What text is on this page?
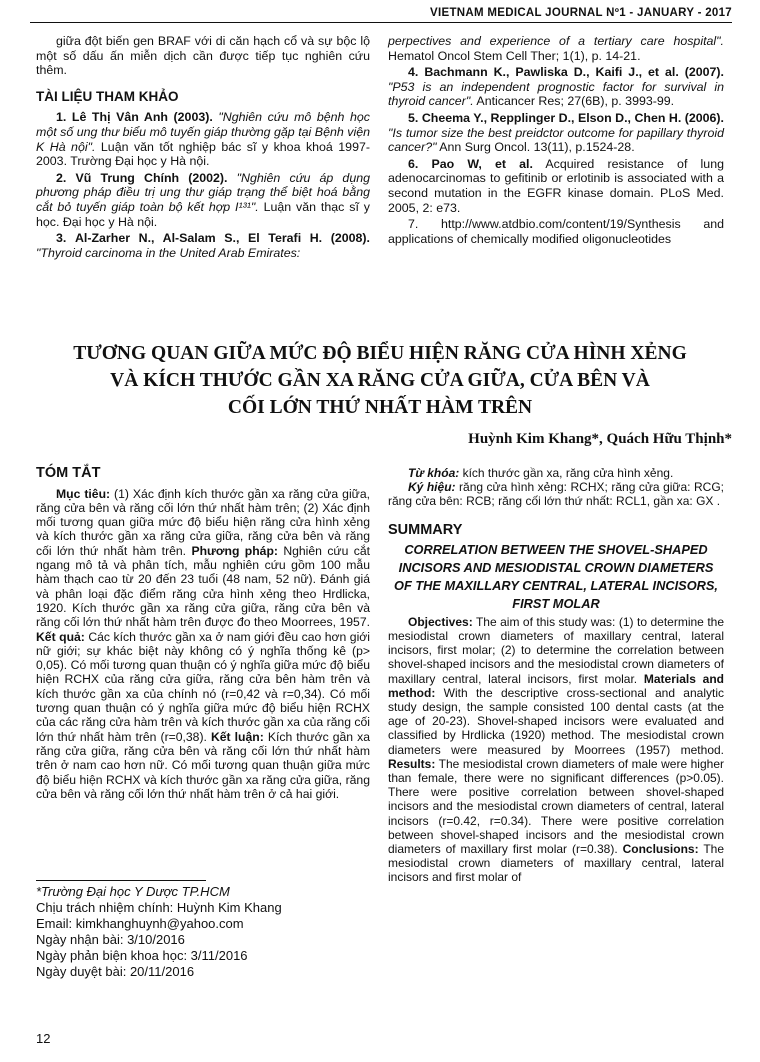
VIETNAM MEDICAL JOURNAL Nº1 - JANUARY - 2017

giữa đột biến gen BRAF với di căn hạch cổ và sự bộc lộ một số dấu ấn miễn dịch cần được tiếp tục nghiên cứu thêm.

TÀI LIỆU THAM KHẢO

1. Lê Thị Vân Anh (2003). "Nghiên cứu mô bệnh học một số ung thư biểu mô tuyến giáp thường gặp tại Bệnh viện K Hà nội". Luận văn tốt nghiệp bác sĩ y khoa khoá 1997-2003. Trường Đại học y Hà nội.

2. Vũ Trung Chính (2002). "Nghiên cứu áp dụng phương pháp điều trị ung thư giáp trạng thể biệt hoá bằng cắt bỏ tuyến giáp toàn bộ kết hợp I¹³¹". Luận văn thạc sĩ y học. Đại học y Hà nội.

3. Al-Zarher N., Al-Salam S., El Terafi H. (2008). "Thyroid carcinoma in the United Arab Emirates:

perpectives and experience of a tertiary care hospital". Hematol Oncol Stem Cell Ther; 1(1), p. 14-21.

4. Bachmann K., Pawliska D., Kaifi J., et al. (2007). "P53 is an independent prognostic factor for survival in thyroid cancer". Anticancer Res; 27(6B), p. 3993-99.

5. Cheema Y., Repplinger D., Elson D., Chen H. (2006). "Is tumor size the best preidctor outcome for papillary thyroid cancer?" Ann Surg Oncol. 13(11), p.1524-28.

6. Pao W, et al. Acquired resistance of lung adenocarcinomas to gefitinib or erlotinib is associated with a second mutation in the EGFR kinase domain. PLoS Med. 2005, 2: e73.

7. http://www.atdbio.com/content/19/Synthesis and applications of chemically modified oligonucleotides

TƯƠNG QUAN GIỮA MỨC ĐỘ BIỂU HIỆN RĂNG CỬA HÌNH XẺNG
VÀ KÍCH THƯỚC GẦN XA RĂNG CỬA GIỮA, CỬA BÊN VÀ
CỐI LỚN THỨ NHẤT HÀM TRÊN
Huỳnh Kim Khang*, Quách Hữu Thịnh*
TÓM TẮT

Mục tiêu: (1) Xác định kích thước gần xa răng cửa giữa, răng cửa bên và răng cối lớn thứ nhất hàm trên; (2) Xác định mối tương quan giữa mức độ biểu hiện răng cửa hình xẻng và kích thước gần xa răng cửa giữa, răng cửa bên và răng cối lớn thứ nhất hàm trên. Phương pháp: Nghiên cứu cắt ngang mô tả và phân tích, mẫu nghiên cứu gồm 100 mẫu hàm thạch cao từ 20 đến 23 tuổi (48 nam, 52 nữ). Đánh giá và phân loại đặc điểm răng cửa hình xẻng theo Hrdlicka, 1920. Kích thước gần xa răng cửa giữa, răng cửa bên và răng cối lớn thứ nhất hàm trên được đo theo Moorrees, 1957. Kết quả: Các kích thước gần xa ở nam giới đều cao hơn giới nữ giới; sự khác biệt này không có ý nghĩa thống kê (p> 0,05). Có mối tương quan thuận có ý nghĩa giữa mức độ biểu hiện RCHX của răng cửa giữa, răng cửa bên hàm trên và kích thước gần xa của chính nó (r=0,42 và r=0,34). Có mối tương quan thuận có ý nghĩa giữa mức độ biểu hiện RCHX của các răng cửa hàm trên và kích thước gần xa của răng cối lớn thứ nhất hàm trên (r=0,38). Kết luận: Kích thước gần xa răng cửa giữa, răng cửa bên và răng cối lớn thứ nhất hàm trên ở nam cao hơn nữ. Có mối tương quan thuận giữa mức độ biểu hiện RCHX và kích thước gần xa răng cửa giữa, răng cửa bên và răng cối lớn thứ nhất hàm trên ở cả hai giới.

Từ khóa: kích thước gần xa, răng cửa hình xẻng.

Ký hiệu: răng cửa hình xẻng: RCHX; răng cửa giữa: RCG; răng cửa bên: RCB; răng cối lớn thứ nhất: RCL1, gần xa: GX .

SUMMARY
CORRELATION BETWEEN THE SHOVEL-SHAPED INCISORS AND MESIODISTAL CROWN DIAMETERS OF THE MAXILLARY CENTRAL, LATERAL INCISORS, FIRST MOLAR

Objectives: The aim of this study was: (1) to determine the mesiodistal crown diameters of maxillary central, lateral incisors, first molar; (2) to determine the correlation between shovel-shaped incisors and the mesiodistal crown diameters of maxillary central, lateral incisors, first molar. Materials and method: With the descriptive cross-sectional and analytic study design, the sample consisted 100 dental casts (at the age of 20-23). Shovel-shaped incisors were evaluated and classified by Hrdlicka (1920) method. The mesiodistal crown diameters were measured by Moorrees (1957) method. Results: The mesiodistal crown diameters of male were higher than female, there were no significant differences (p>0.05). There were positive correlation between shovel-shaped incisors and the mesiodistal crown diameters of central, lateral incisors (r=0.42, r=0.34). There were positive correlation between shovel-shaped incisors and the mesiodistal crown diameters of maxillary first molar (r=0.38). Conclusions: The mesiodistal crown diameters of maxillary central, lateral incisors and first molar of

*Trường Đại học Y Dược TP.HCM
Chịu trách nhiệm chính: Huỳnh Kim Khang
Email: kimkhanghuynh@yahoo.com
Ngày nhận bài: 3/10/2016
Ngày phản biện khoa học: 3/11/2016
Ngày duyệt bài: 20/11/2016
12
